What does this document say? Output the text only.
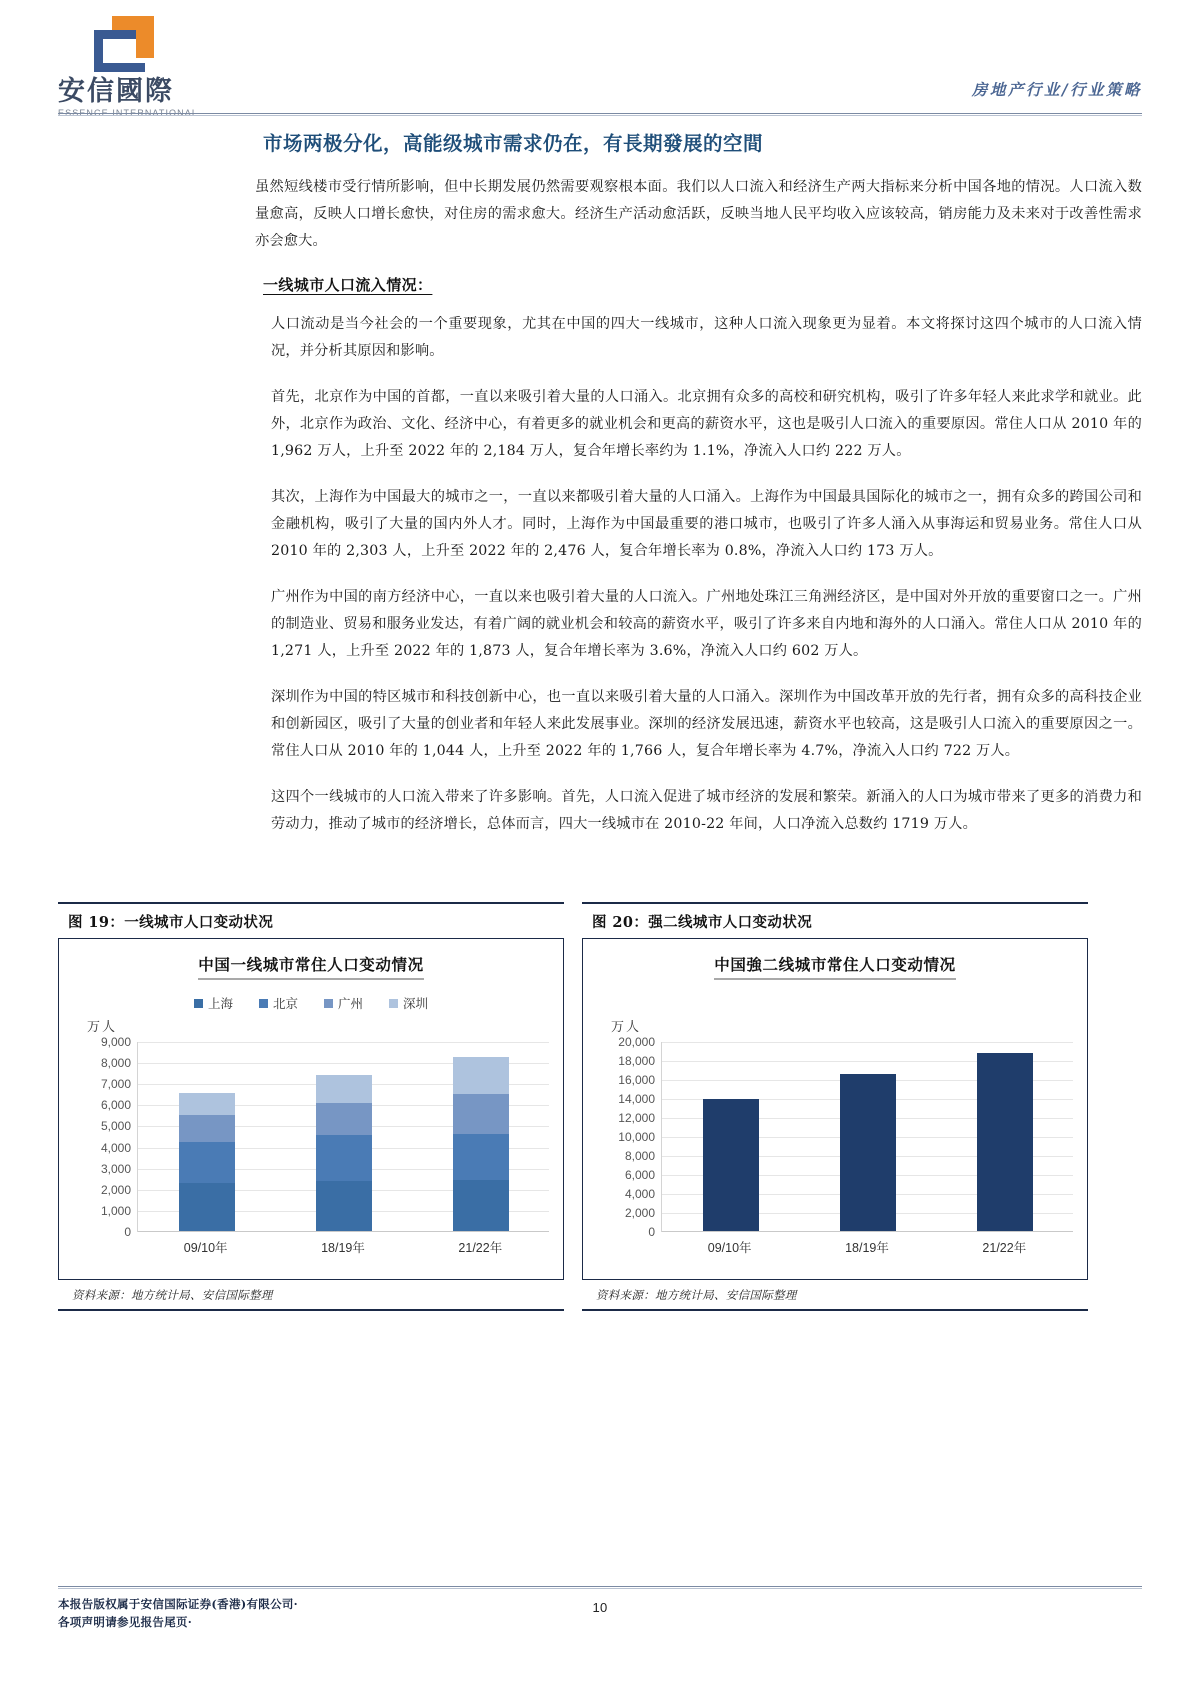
安信國際
ESSENCE INTERNATIONAL
房地产行业/行业策略
市场两极分化，高能级城市需求仍在，有長期發展的空間

虽然短线楼市受行情所影响，但中长期发展仍然需要观察根本面。我们以人口流入和经济生产两大指标来分析中国各地的情况。人口流入数量愈高，反映人口增长愈快，对住房的需求愈大。经济生产活动愈活跃，反映当地人民平均收入应该较高，销房能力及未来对于改善性需求亦会愈大。

一线城市人口流入情况：

人口流动是当今社会的一个重要现象，尤其在中国的四大一线城市，这种人口流入现象更为显着。本文将探讨这四个城市的人口流入情况，并分析其原因和影响。

首先，北京作为中国的首都，一直以来吸引着大量的人口涌入。北京拥有众多的高校和研究机构，吸引了许多年轻人来此求学和就业。此外，北京作为政治、文化、经济中心，有着更多的就业机会和更高的薪资水平，这也是吸引人口流入的重要原因。常住人口从 2010 年的 1,962 万人，上升至 2022 年的 2,184 万人，复合年增长率约为 1.1%，净流入人口约 222 万人。

其次，上海作为中国最大的城市之一，一直以来都吸引着大量的人口涌入。上海作为中国最具国际化的城市之一，拥有众多的跨国公司和金融机构，吸引了大量的国内外人才。同时，上海作为中国最重要的港口城市，也吸引了许多人涌入从事海运和贸易业务。常住人口从 2010 年的 2,303 人，上升至 2022 年的 2,476 人，复合年增长率为 0.8%，净流入人口约 173 万人。

广州作为中国的南方经济中心，一直以来也吸引着大量的人口流入。广州地处珠江三角洲经济区，是中国对外开放的重要窗口之一。广州的制造业、贸易和服务业发达，有着广阔的就业机会和较高的薪资水平，吸引了许多来自内地和海外的人口涌入。常住人口从 2010 年的 1,271 人，上升至 2022 年的 1,873 人，复合年增长率为 3.6%，净流入人口约 602 万人。

深圳作为中国的特区城市和科技创新中心，也一直以来吸引着大量的人口涌入。深圳作为中国改革开放的先行者，拥有众多的高科技企业和创新园区，吸引了大量的创业者和年轻人来此发展事业。深圳的经济发展迅速，薪资水平也较高，这是吸引人口流入的重要原因之一。常住人口从 2010 年的 1,044 人，上升至 2022 年的 1,766 人，复合年增长率为 4.7%，净流入人口约 722 万人。

这四个一线城市的人口流入带来了许多影响。首先，人口流入促进了城市经济的发展和繁荣。新涌入的人口为城市带来了更多的消费力和劳动力，推动了城市的经济增长，总体而言，四大一线城市在 2010-22 年间，人口净流入总数约 1719 万人。

图 19：一线城市人口变动状况
中国一线城市常住人口变动情况
上海	北京	广州	深圳
万人
0
1,000
2,000
3,000
4,000
5,000
6,000
7,000
8,000
9,000
09/10年	18/19年	21/22年
资料来源：地方统计局、安信国际整理
图 20：强二线城市人口变动状况
中国強二线城市常住人口变动情况
万人
0
2,000
4,000
6,000
8,000
10,000
12,000
14,000
16,000
18,000
20,000
09/10年	18/19年	21/22年
资料来源：地方统计局、安信国际整理
本报告版权属于安信国际证券(香港)有限公司·
各项声明请参见报告尾页·
10
